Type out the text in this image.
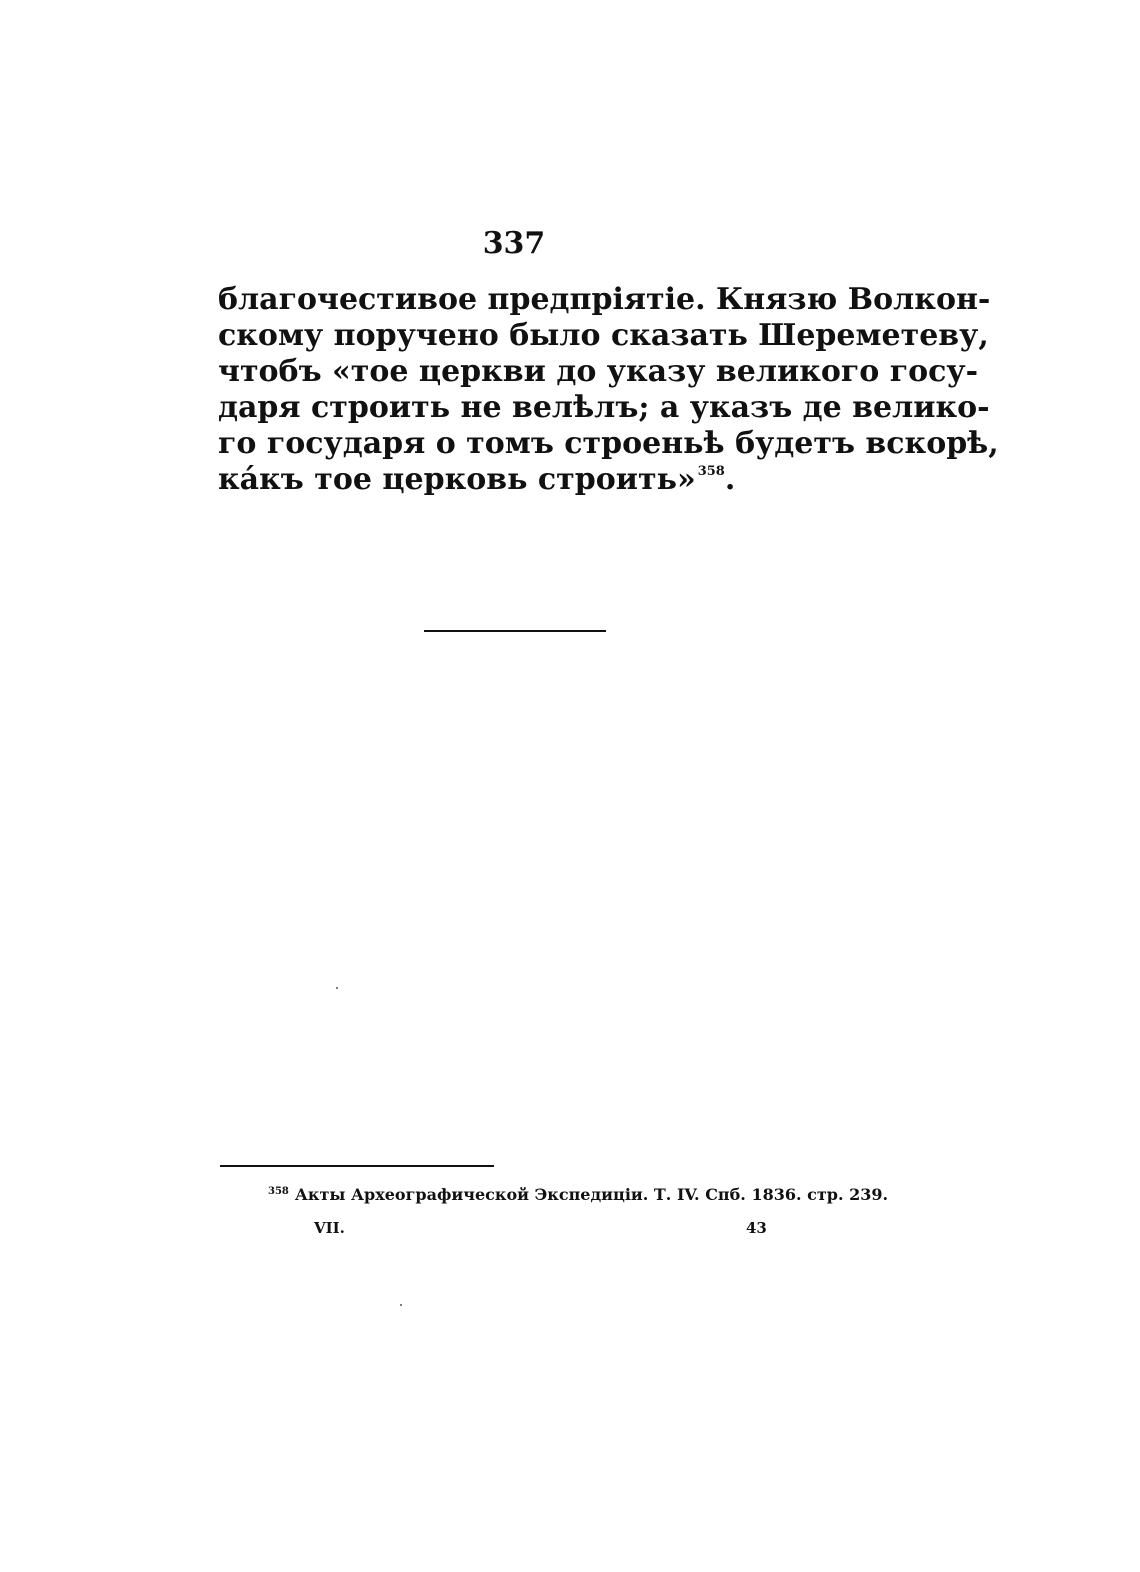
337
благочестивое предпріятіе. Князю Волкон-
скому поручено было сказать Шереметеву,
чтобъ «тое церкви до указу великого госу-
даря строить не велѣлъ; а указъ де велико-
го государя о томъ строеньѣ будетъ вскорѣ,
ка́къ тое церковь строить» $^{358}$.
$^{358}$ Акты Археографической Экспедиціи. Т. IV. Спб. 1836. стр. 239.
VII.	43
